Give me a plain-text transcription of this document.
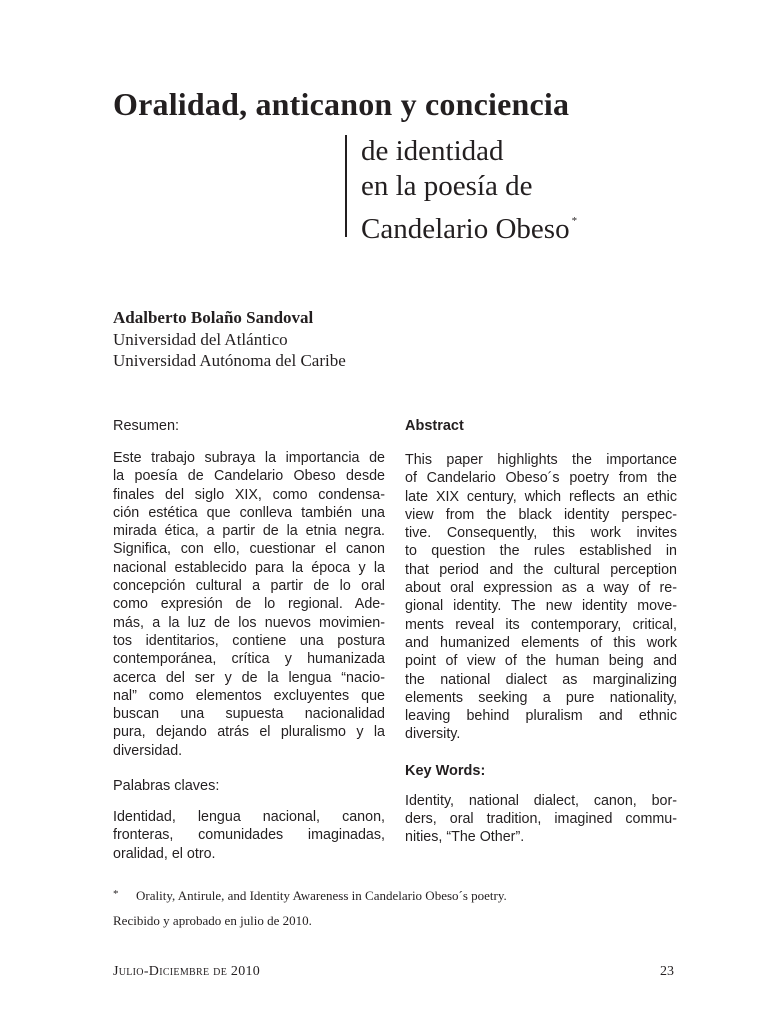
Oralidad, anticanon y conciencia
de identidad
en la poesía de
Candelario Obeso *
Adalberto Bolaño Sandoval
Universidad del Atlántico
Universidad Autónoma del Caribe
Resumen:

Este trabajo subraya la importancia de
la poesía de Candelario Obeso desde
finales del siglo XIX, como condensa-
ción estética que conlleva también una
mirada ética, a partir de la etnia negra.
Significa, con ello, cuestionar el canon
nacional establecido para la época y la
concepción cultural a partir de lo oral
como expresión de lo regional. Ade-
más, a la luz de los nuevos movimien-
tos identitarios, contiene una postura
contemporánea, crítica y humanizada
acerca del ser y de la lengua “nacio-
nal” como elementos excluyentes que
buscan una supuesta nacionalidad
pura, dejando atrás el pluralismo y la
diversidad.

Palabras claves:

Identidad, lengua nacional, canon,
fronteras, comunidades imaginadas,
oralidad, el otro.

Abstract

This paper highlights the importance
of Candelario Obeso´s poetry from the
late XIX century, which reflects an ethic
view from the black identity perspec-
tive. Consequently, this work invites
to question the rules established in
that period and the cultural perception
about oral expression as a way of re-
gional identity. The new identity move-
ments reveal its contemporary, critical,
and humanized elements of this work
point of view of the human being and
the national dialect as marginalizing
elements seeking a pure nationality,
leaving behind pluralism and ethnic
diversity.

Key Words:

Identity, national dialect, canon, bor-
ders, oral tradition, imagined commu-
nities, “The Other”.

* Orality, Antirule, and Identity Awareness in Candelario Obeso´s poetry.
Recibido y aprobado en julio de 2010.
Julio-Diciembre de 2010	23
